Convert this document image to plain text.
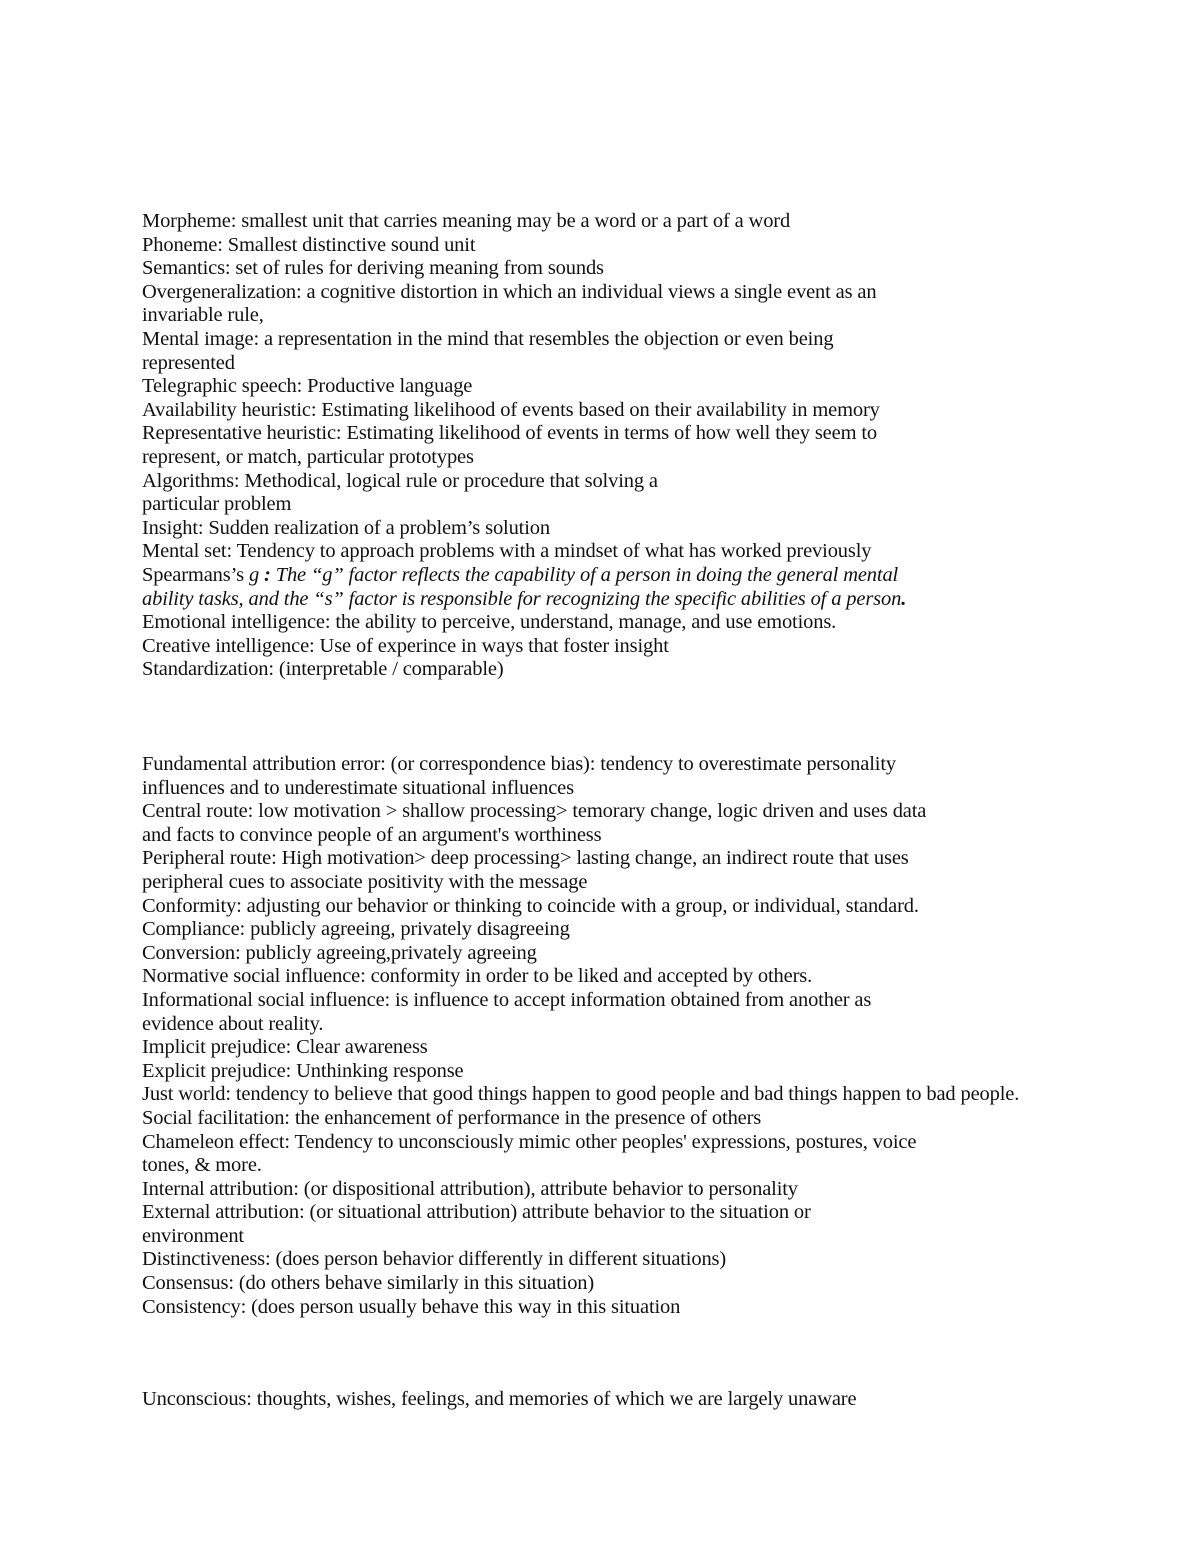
Morpheme: smallest unit that carries meaning may be a word or a part of a word
Phoneme: Smallest distinctive sound unit
Semantics: set of rules for deriving meaning from sounds
Overgeneralization: a cognitive distortion in which an individual views a single event as an
invariable rule,
Mental image: a representation in the mind that resembles the objection or even being
represented
Telegraphic speech: Productive language
Availability heuristic: Estimating likelihood of events based on their availability in memory
Representative heuristic: Estimating likelihood of events in terms of how well they seem to
represent, or match, particular prototypes
Algorithms: Methodical, logical rule or procedure that solving a
particular problem
Insight: Sudden realization of a problem’s solution
Mental set: Tendency to approach problems with a mindset of what has worked previously
Spearmans’s g : The “g” factor reflects the capability of a person in doing the general mental
ability tasks, and the “s” factor is responsible for recognizing the specific abilities of a person.
Emotional intelligence: the ability to perceive, understand, manage, and use emotions.
Creative intelligence: Use of experince in ways that foster insight
Standardization: (interpretable / comparable)
Fundamental attribution error: (or correspondence bias): tendency to overestimate personality
influences and to underestimate situational influences
Central route: low motivation > shallow processing> temorary change, logic driven and uses data
and facts to convince people of an argument's worthiness
Peripheral route: High motivation> deep processing> lasting change, an indirect route that uses
peripheral cues to associate positivity with the message
Conformity: adjusting our behavior or thinking to coincide with a group, or individual, standard.
Compliance: publicly agreeing, privately disagreeing
Conversion: publicly agreeing,privately agreeing
Normative social influence: conformity in order to be liked and accepted by others.
Informational social influence: is influence to accept information obtained from another as
evidence about reality.
Implicit prejudice: Clear awareness
Explicit prejudice: Unthinking response
Just world: tendency to believe that good things happen to good people and bad things happen to bad people.
Social facilitation: the enhancement of performance in the presence of others
Chameleon effect: Tendency to unconsciously mimic other peoples' expressions, postures, voice
tones, & more.
Internal attribution: (or dispositional attribution), attribute behavior to personality
External attribution: (or situational attribution) attribute behavior to the situation or
environment
Distinctiveness: (does person behavior differently in different situations)
Consensus: (do others behave similarly in this situation)
Consistency: (does person usually behave this way in this situation
Unconscious: thoughts, wishes, feelings, and memories of which we are largely unaware
